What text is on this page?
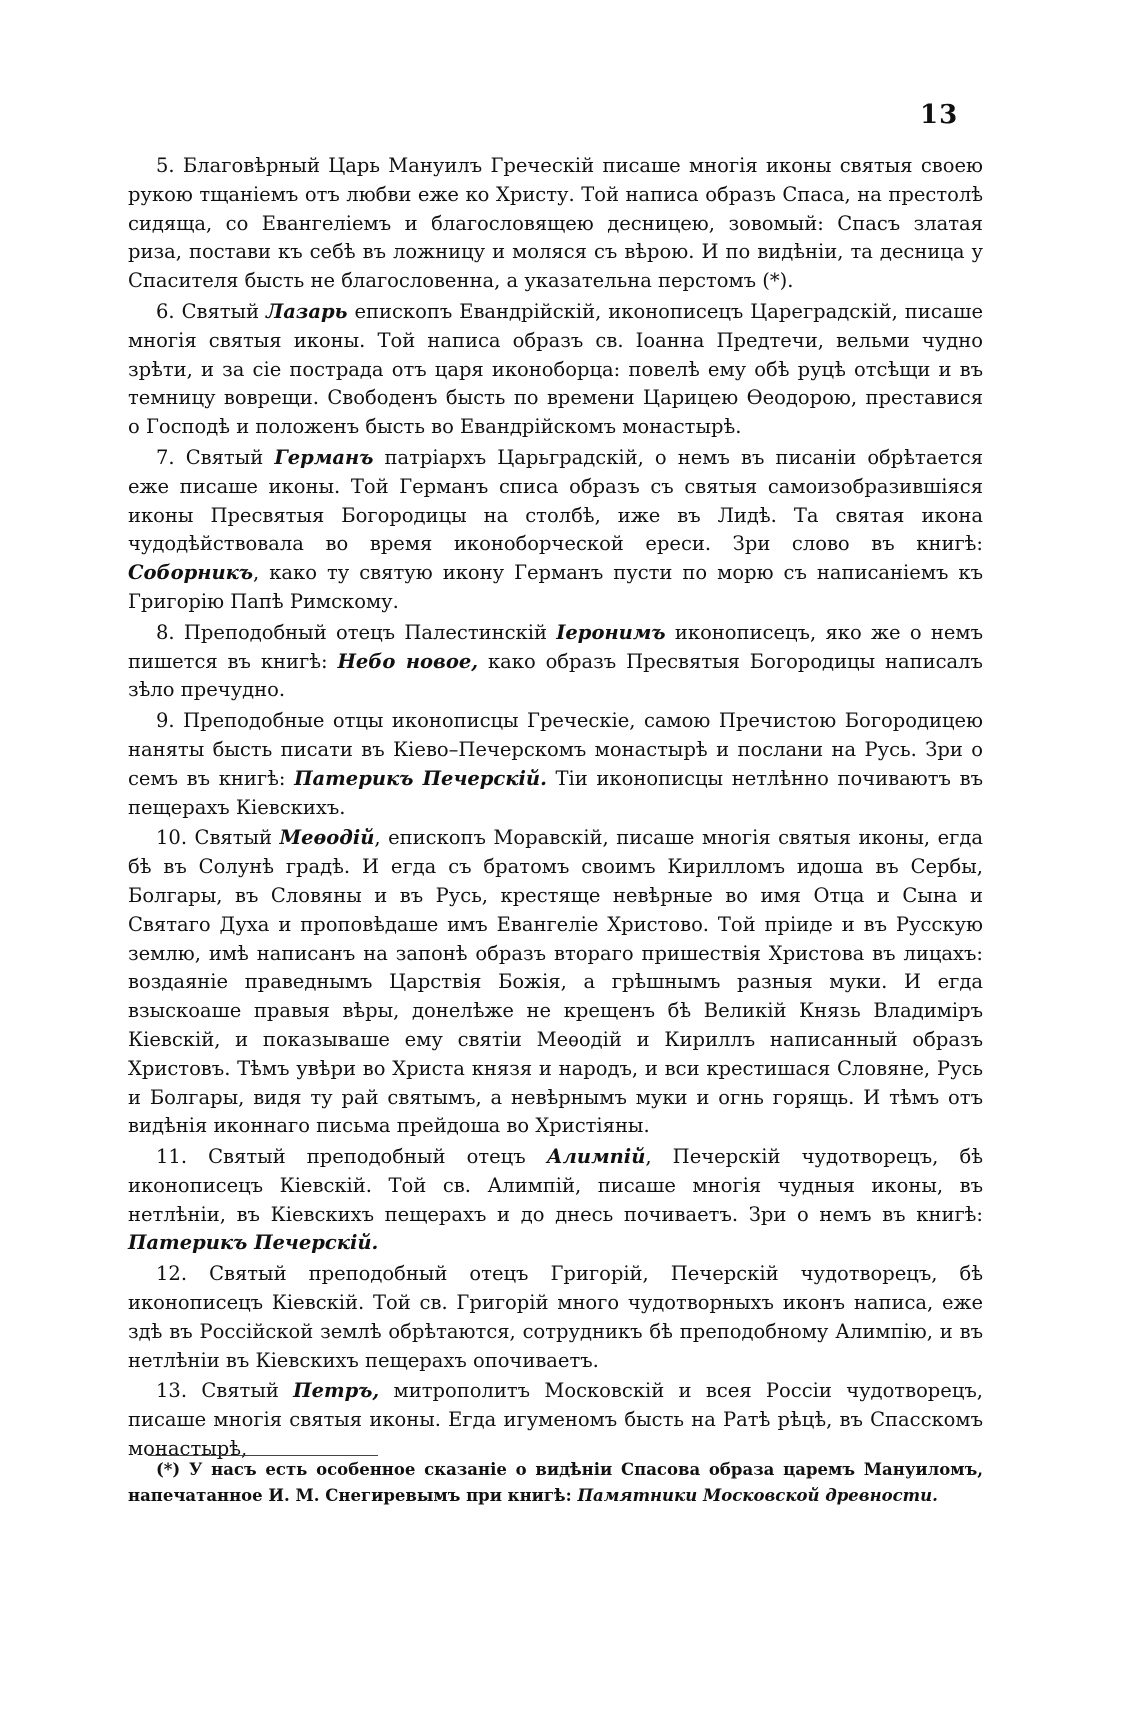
13

5. Благовѣрный Царь Мануилъ Греческій писаше многія иконы святыя своею рукою тщаніемъ отъ любви еже ко Христу. Той написа образъ Спаса, на престолѣ сидяща, со Евангеліемъ и благословящею десницею, зовомый: Спасъ златая риза, постави къ себѣ въ ложницу и моляся съ вѣрою. И по видѣніи, та десница у Спасителя бысть не благословенна, а указательна перстомъ (*).

6. Святый Лазарь епископъ Евандрійскій, иконописецъ Цареградскій, писаше многія святыя иконы. Той написа образъ св. Іоанна Предтечи, вельми чудно зрѣти, и за сіе пострада отъ царя иконоборца: повелѣ ему обѣ руцѣ отсѣщи и въ темницу воврещи. Свободенъ бысть по времени Царицею Ѳеодорою, преставися о Господѣ и положенъ бысть во Евандрійскомъ монастырѣ.

7. Святый Германъ патріархъ Царьградскій, о немъ въ писаніи обрѣтается еже писаше иконы. Той Германъ списа образъ съ святыя самоизобразившіяся иконы Пресвятыя Богородицы на столбѣ, иже въ Лидѣ. Та святая икона чудодѣйствовала во время иконоборческой ереси. Зри слово въ книгѣ: Соборникъ, како ту святую икону Германъ пусти по морю съ написаніемъ къ Григорію Папѣ Римскому.

8. Преподобный отецъ Палестинскій Іеронимъ иконописецъ, яко же о немъ пишется въ книгѣ: Небо новое, како образъ Пресвятыя Богородицы написалъ зѣло пречудно.

9. Преподобные отцы иконописцы Греческіе, самою Пречистою Богородицею наняты бысть писати въ Кіево–Печерскомъ монастырѣ и послани на Русь. Зри о семъ въ книгѣ: Патерикъ Печерскій. Тіи иконописцы нетлѣнно почиваютъ въ пещерахъ Кіевскихъ.

10. Святый Меѳодій, епископъ Моравскій, писаше многія святыя иконы, егда бѣ въ Солунѣ градѣ. И егда съ братомъ своимъ Кирилломъ идоша въ Сербы, Болгары, въ Словяны и въ Русь, крестяще невѣрные во имя Отца и Сына и Святаго Духа и проповѣдаше имъ Евангеліе Христово. Той пріиде и въ Русскую землю, имѣ написанъ на запонѣ образъ втораго пришествія Христова въ лицахъ: воздаяніе праведнымъ Царствія Божія, а грѣшнымъ разныя муки. И егда взыскоаше правыя вѣры, донелѣже не крещенъ бѣ Великій Князь Владиміръ Кіевскій, и показываше ему святіи Меѳодій и Кириллъ написанный образъ Христовъ. Тѣмъ увѣри во Христа князя и народъ, и вси крестишася Словяне, Русь и Болгары, видя ту рай святымъ, а невѣрнымъ муки и огнь горящь. И тѣмъ отъ видѣнія иконнаго письма прейдоша во Христіяны.

11. Святый преподобный отецъ Алимпій, Печерскій чудотворецъ, бѣ иконописецъ Кіевскій. Той св. Алимпій, писаше многія чудныя иконы, въ нетлѣніи, въ Кіевскихъ пещерахъ и до днесь почиваетъ. Зри о немъ въ книгѣ: Патерикъ Печерскій.

12. Святый преподобный отецъ Григорій, Печерскій чудотворецъ, бѣ иконописецъ Кіевскій. Той св. Григорій много чудотворныхъ иконъ написа, еже здѣ въ Россійской землѣ обрѣтаются, сотрудникъ бѣ преподобному Алимпію, и въ нетлѣніи въ Кіевскихъ пещерахъ опочиваетъ.

13. Святый Петръ, митрополитъ Московскій и всея Россіи чудотворецъ, писаше многія святыя иконы. Егда игуменомъ бысть на Ратѣ рѣцѣ, въ Спасскомъ монастырѣ,

(*) У насъ есть особенное сказаніе о видѣніи Спасова образа царемъ Мануиломъ, напечатанное И. М. Снегиревымъ при книгѣ: Памятники Московской древности.
